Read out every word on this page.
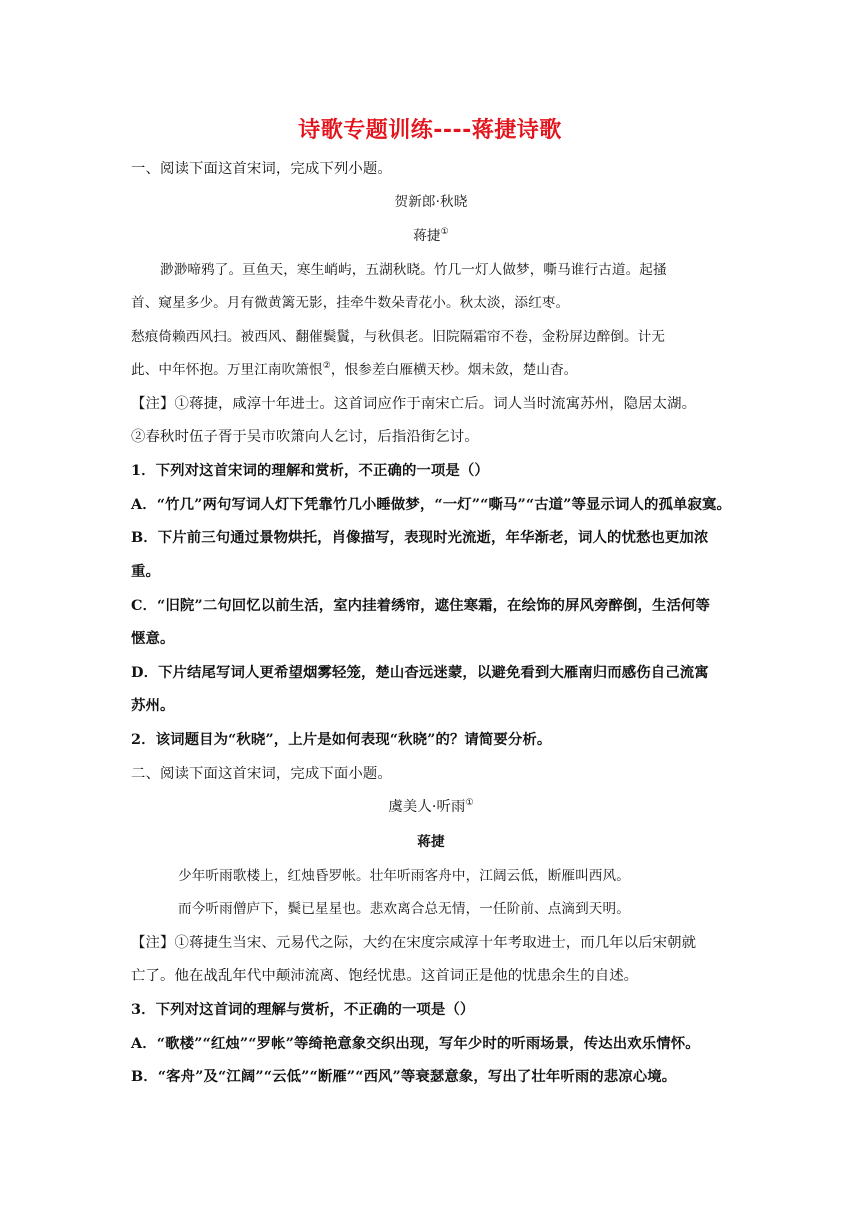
诗歌专题训练----蒋捷诗歌
一、阅读下面这首宋词，完成下列小题。
贺新郎·秋晓
蒋捷①
渺渺啼鸦了。亘鱼天，寒生峭屿，五湖秋晓。竹几一灯人做梦，嘶马谁行古道。起搔
首、窥星多少。月有微黄篱无影，挂牵牛数朵青花小。秋太淡，添红枣。
愁痕倚赖西风扫。被西风、翻催鬓鬒，与秋俱老。旧院隔霜帘不卷，金粉屏边醉倒。计无
此、中年怀抱。万里江南吹箫恨②，恨参差白雁横天杪。烟未敛，楚山杳。
【注】①蒋捷，咸淳十年进士。这首词应作于南宋亡后。词人当时流寓苏州，隐居太湖。
②春秋时伍子胥于吴市吹箫向人乞讨，后指沿街乞讨。
1．下列对这首宋词的理解和赏析，不正确的一项是（）
A．“竹几”两句写词人灯下凭靠竹几小睡做梦，“一灯”“嘶马”“古道”等显示词人的孤单寂寞。
B．下片前三句通过景物烘托，肖像描写，表现时光流逝，年华渐老，词人的忧愁也更加浓
重。
C．“旧院”二句回忆以前生活，室内挂着绣帘，遮住寒霜，在绘饰的屏风旁醉倒，生活何等
惬意。
D．下片结尾写词人更希望烟雾轻笼，楚山杳远迷蒙，以避免看到大雁南归而感伤自己流寓
苏州。
2．该词题目为“秋晓”，上片是如何表现“秋晓”的？请简要分析。
二、阅读下面这首宋词，完成下面小题。
虞美人·听雨①
蒋捷
少年听雨歌楼上，红烛昏罗帐。壮年听雨客舟中，江阔云低，断雁叫西风。
而今听雨僧庐下，鬓已星星也。悲欢离合总无情，一任阶前、点滴到天明。
【注】①蒋捷生当宋、元易代之际，大约在宋度宗咸淳十年考取进士，而几年以后宋朝就
亡了。他在战乱年代中颠沛流离、饱经忧患。这首词正是他的忧患余生的自述。
3．下列对这首词的理解与赏析，不正确的一项是（）
A．“歌楼”“红烛”“罗帐”等绮艳意象交织出现，写年少时的听雨场景，传达出欢乐情怀。
B．“客舟”及“江阔”“云低”“断雁”“西风”等衰瑟意象，写出了壮年听雨的悲凉心境。
